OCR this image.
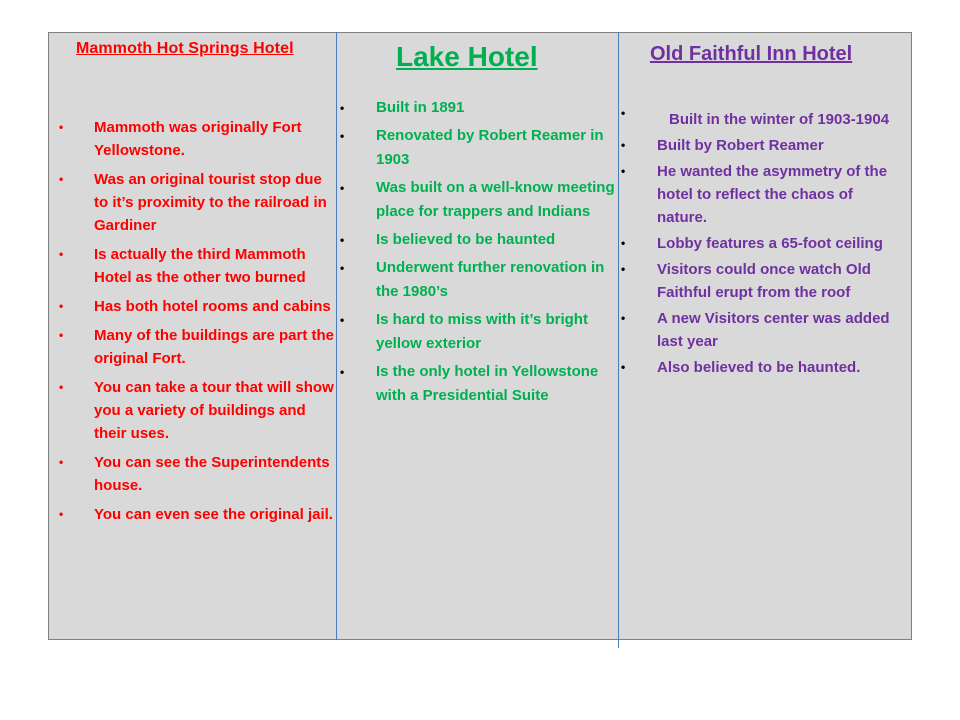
Mammoth Hot Springs Hotel
• Mammoth was originally Fort Yellowstone.
• Was an original tourist stop due to it’s proximity to the railroad in Gardiner
• Is actually the third Mammoth Hotel as the other two burned
• Has both hotel rooms and cabins
• Many of the buildings are part the original Fort.
• You can take a tour that will show you a variety of buildings and their uses.
• You can see the Superintendents house.
• You can even see the original jail.
Lake Hotel
• Built in 1891
• Renovated by Robert Reamer in 1903
• Was built on a well-know meeting place for trappers and Indians
• Is believed to be haunted
• Underwent further renovation in the 1980’s
• Is hard to miss with it’s bright yellow exterior
• Is the only hotel in Yellowstone with a Presidential Suite
Old Faithful Inn Hotel
•	Built in the winter of 1903-1904
• Built by Robert Reamer
• He wanted the asymmetry of the hotel to reflect the chaos of nature.
• Lobby features a 65-foot ceiling
• Visitors could once watch Old Faithful erupt from the roof
• A new Visitors center was added last year
• Also believed to be haunted.
